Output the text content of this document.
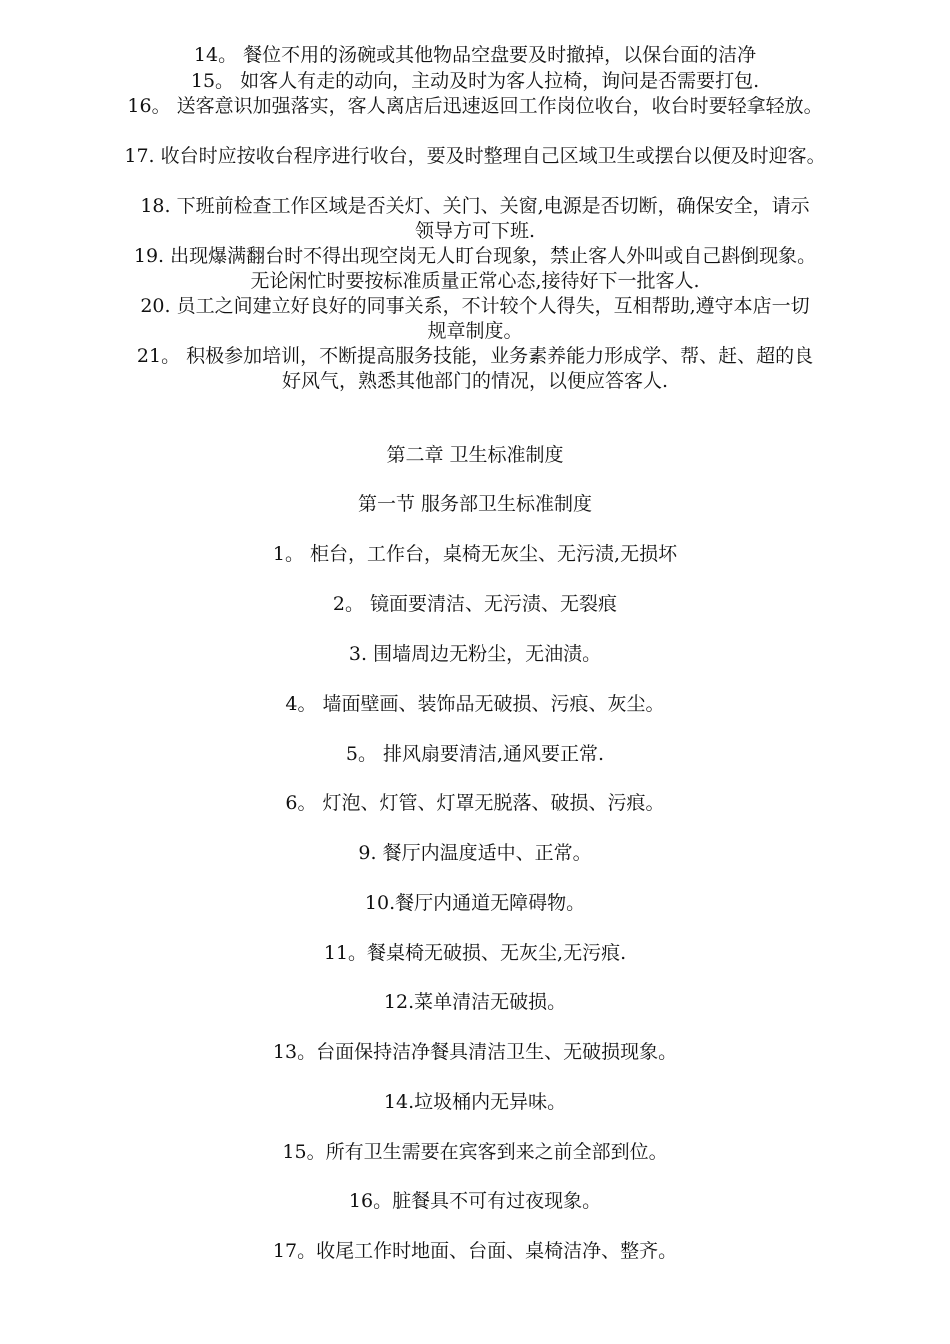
14。 餐位不用的汤碗或其他物品空盘要及时撤掉，以保台面的洁净
15。 如客人有走的动向，主动及时为客人拉椅，询问是否需要打包.
16。 送客意识加强落实，客人离店后迅速返回工作岗位收台，收台时要轻拿轻放。
17. 收台时应按收台程序进行收台，要及时整理自己区域卫生或摆台以便及时迎客。
18. 下班前检查工作区域是否关灯、关门、关窗,电源是否切断，确保安全，请示
领导方可下班.
19. 出现爆满翻台时不得出现空岗无人盯台现象，禁止客人外叫或自己斟倒现象。
无论闲忙时要按标准质量正常心态,接待好下一批客人.
20. 员工之间建立好良好的同事关系，不计较个人得失，互相帮助,遵守本店一切
规章制度。
21。 积极参加培训，不断提高服务技能，业务素养能力形成学、帮、赶、超的良
好风气，熟悉其他部门的情况，以便应答客人.
第二章 卫生标准制度
第一节 服务部卫生标准制度
1。 柜台，工作台，桌椅无灰尘、无污渍,无损坏
2。 镜面要清洁、无污渍、无裂痕
3. 围墙周边无粉尘，无油渍。
4。 墙面壁画、装饰品无破损、污痕、灰尘。
5。 排风扇要清洁,通风要正常.
6。 灯泡、灯管、灯罩无脱落、破损、污痕。
9. 餐厅内温度适中、正常。
10.餐厅内通道无障碍物。
11。餐桌椅无破损、无灰尘,无污痕.
12.菜单清洁无破损。
13。台面保持洁净餐具清洁卫生、无破损现象。
14.垃圾桶内无异味。
15。所有卫生需要在宾客到来之前全部到位。
16。脏餐具不可有过夜现象。
17。收尾工作时地面、台面、桌椅洁净、整齐。
